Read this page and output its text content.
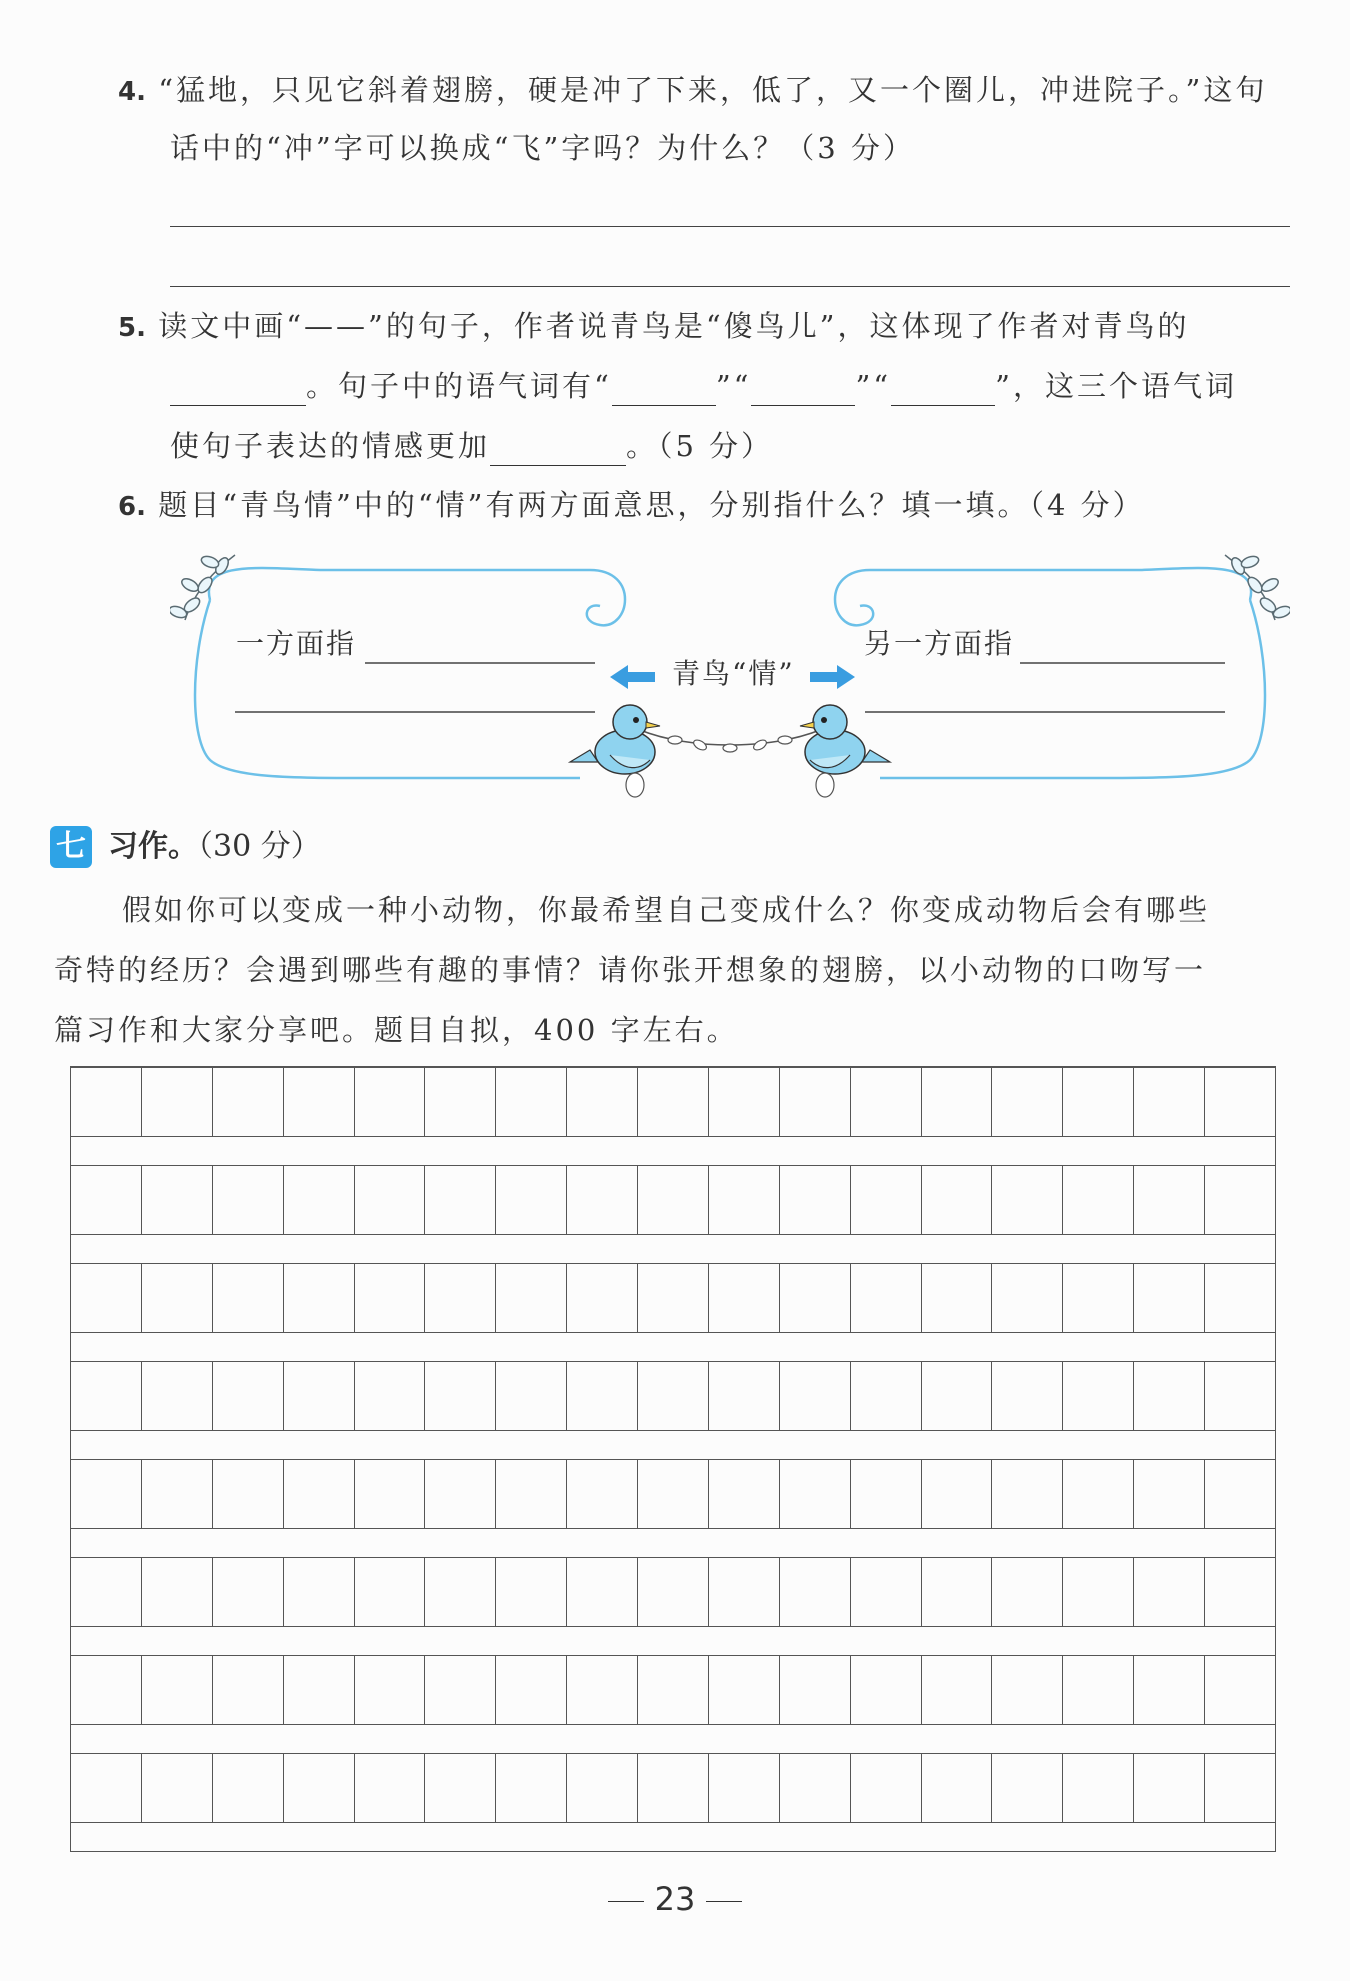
4. “猛地，只见它斜着翅膀，硬是冲了下来，低了，又一个圈儿，冲进院子。”这句
话中的“冲”字可以换成“飞”字吗？为什么？（3 分）
5. 读文中画“——”的句子，作者说青鸟是“傻鸟儿”，这体现了作者对青鸟的
。句子中的语气词有“	”“	”“	”，这三个语气词
使句子表达的情感更加	。（5 分）
6. 题目“青鸟情”中的“情”有两方面意思，分别指什么？填一填。（4 分）
一方面指
青鸟“情”
另一方面指
七 习作。（30 分）
假如你可以变成一种小动物，你最希望自己变成什么？你变成动物后会有哪些
奇特的经历？会遇到哪些有趣的事情？请你张开想象的翅膀，以小动物的口吻写一
篇习作和大家分享吧。题目自拟，400 字左右。
23
